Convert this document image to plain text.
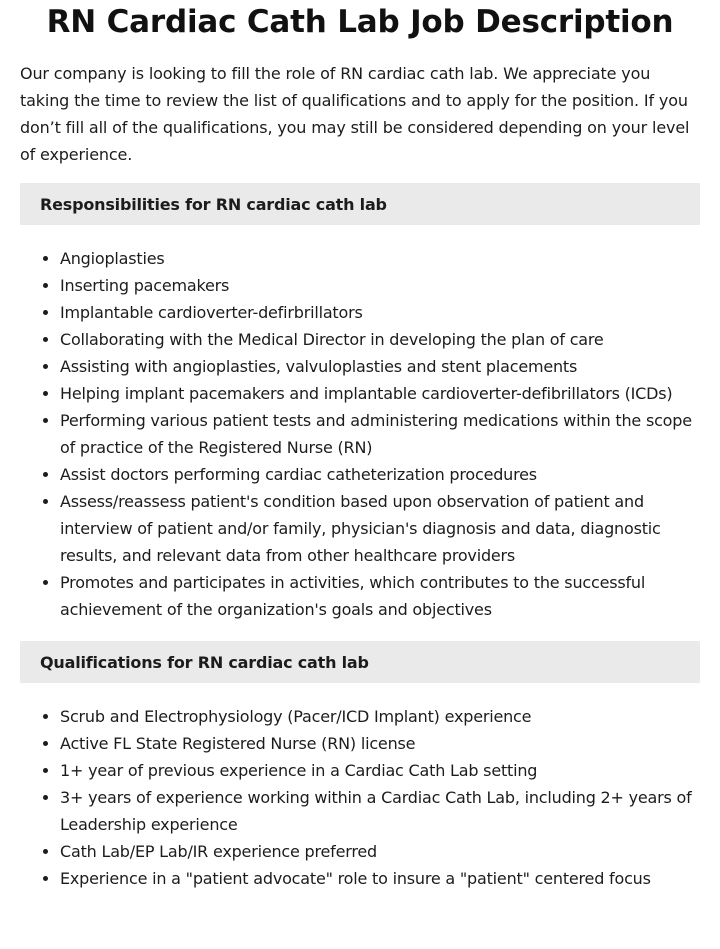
RN Cardiac Cath Lab Job Description

Our company is looking to fill the role of RN cardiac cath lab. We appreciate you taking the time to review the list of qualifications and to apply for the position. If you don’t fill all of the qualifications, you may still be considered depending on your level of experience.

Responsibilities for RN cardiac cath lab
• Angioplasties
• Inserting pacemakers
• Implantable cardioverter-defirbrillators
• Collaborating with the Medical Director in developing the plan of care
• Assisting with angioplasties, valvuloplasties and stent placements
• Helping implant pacemakers and implantable cardioverter-defibrillators (ICDs)
• Performing various patient tests and administering medications within the scope of practice of the Registered Nurse (RN)
• Assist doctors performing cardiac catheterization procedures
• Assess/reassess patient's condition based upon observation of patient and interview of patient and/or family, physician's diagnosis and data, diagnostic results, and relevant data from other healthcare providers
• Promotes and participates in activities, which contributes to the successful achievement of the organization's goals and objectives
Qualifications for RN cardiac cath lab
• Scrub and Electrophysiology (Pacer/ICD Implant) experience
• Active FL State Registered Nurse (RN) license
• 1+ year of previous experience in a Cardiac Cath Lab setting
• 3+ years of experience working within a Cardiac Cath Lab, including 2+ years of Leadership experience
• Cath Lab/EP Lab/IR experience preferred
• Experience in a "patient advocate" role to insure a "patient" centered focus
